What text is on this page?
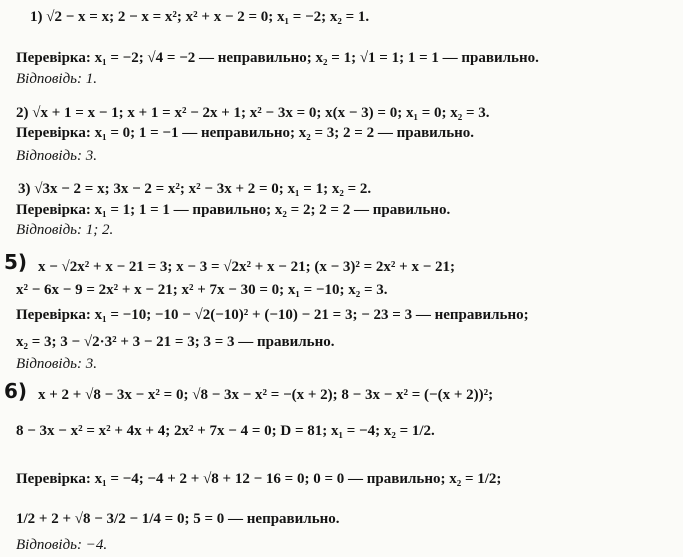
1) √2 − x = x; 2 − x = x²; x² + x − 2 = 0; x₁ = −2; x₂ = 1.
Перевірка: x₁ = −2; √4 = −2 — неправильно; x₂ = 1; √1 = 1; 1 = 1 — правильно.
Відповідь: 1.
2) √x + 1 = x − 1; x + 1 = x² − 2x + 1; x² − 3x = 0; x(x − 3) = 0; x₁ = 0; x₂ = 3.
Перевірка: x₁ = 0; 1 = −1 — неправильно; x₂ = 3; 2 = 2 — правильно.
Відповідь: 3.
3) √3x − 2 = x; 3x − 2 = x²; x² − 3x + 2 = 0; x₁ = 1; x₂ = 2.
Перевірка: x₁ = 1; 1 = 1 — правильно; x₂ = 2; 2 = 2 — правильно.
Відповідь: 1; 2.
5) x − √2x² + x − 21 = 3; x − 3 = √2x² + x − 21; (x − 3)² = 2x² + x − 21;
x² − 6x − 9 = 2x² + x − 21; x² + 7x − 30 = 0; x₁ = −10; x₂ = 3.
Перевірка: x₁ = −10; −10 − √2(−10)² + (−10) − 21 = 3; − 23 = 3 — неправильно;
x₂ = 3; 3 − √2·3² + 3 − 21 = 3; 3 = 3 — правильно.
Відповідь: 3.
6) x + 2 + √8 − 3x − x² = 0; √8 − 3x − x² = −(x + 2); 8 − 3x − x² = (−(x + 2))²;
8 − 3x − x² = x² + 4x + 4; 2x² + 7x − 4 = 0; D = 81; x₁ = −4; x₂ = 1/2.
Перевірка: x₁ = −4; −4 + 2 + √8 + 12 − 16 = 0; 0 = 0 — правильно; x₂ = 1/2;
1/2 + 2 + √8 − 3/2 − 1/4 = 0; 5 = 0 — неправильно.
Відповідь: −4.
